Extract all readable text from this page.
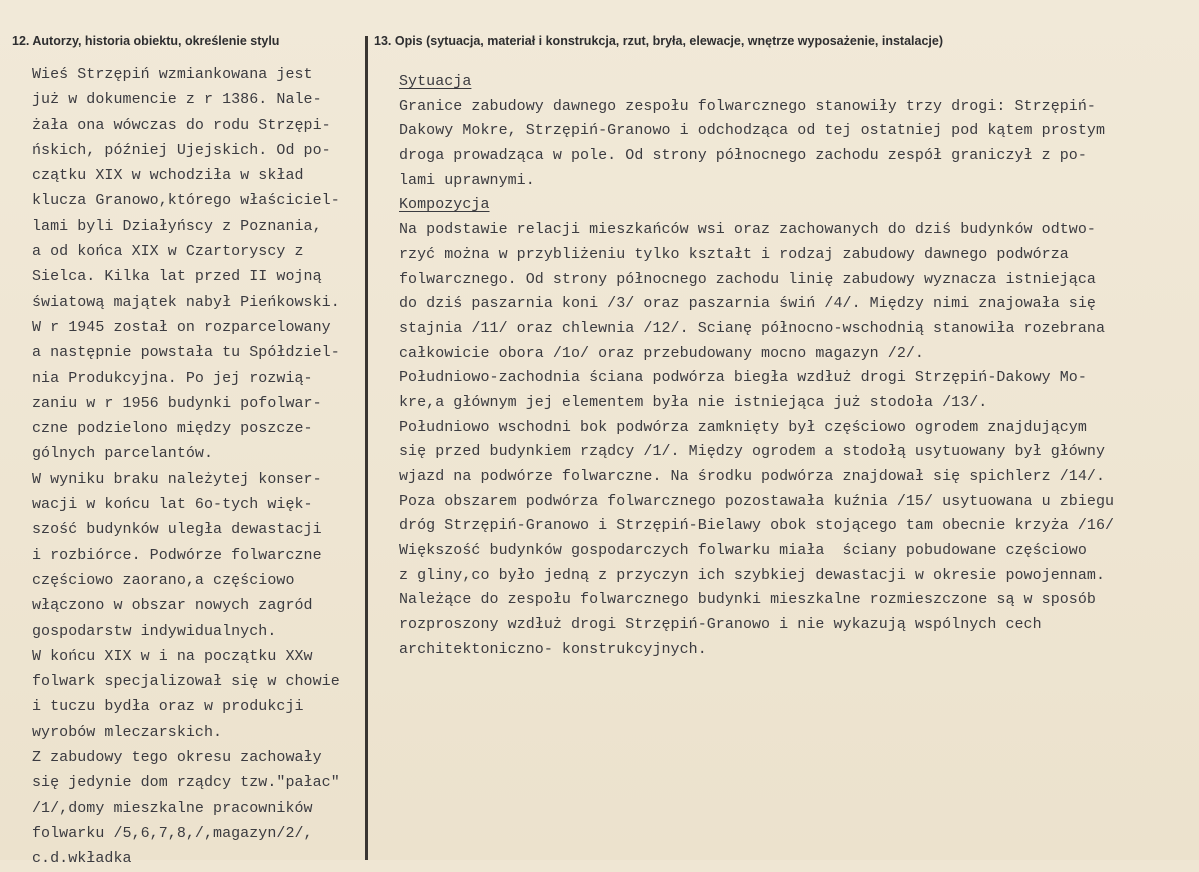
12. Autorzy, historia obiektu, określenie stylu	13. Opis (sytuacja, materiał i konstrukcja, rzut, bryła, elewacje, wnętrze wyposażenie, instalacje)
Wieś Strzępiń wzmiankowana jest
już w dokumencie z r 1386. Nale-
żała ona wówczas do rodu Strzępi-
ńskich, później Ujejskich. Od po-
czątku XIX w wchodziła w skład
klucza Granowo,którego właściciel-
lami byli Działyńscy z Poznania,
a od końca XIX w Czartoryscy z
Sielca. Kilka lat przed II wojną
światową majątek nabył Pieńkowski.
W r 1945 został on rozparcelowany
a następnie powstała tu Spółdziel-
nia Produkcyjna. Po jej rozwią-
zaniu w r 1956 budynki pofolwar-
czne podzielono między poszcze-
gólnych parcelantów.
W wyniku braku należytej konser-
wacji w końcu lat 6o-tych więk-
szość budynków uległa dewastacji
i rozbiórce. Podwórze folwarczne
częściowo zaorano,a częściowo
włączono w obszar nowych zagród
gospodarstw indywidualnych.
W końcu XIX w i na początku XXw
folwark specjalizował się w chowie
i tuczu bydła oraz w produkcji
wyrobów mleczarskich.
Z zabudowy tego okresu zachowały
się jedynie dom rządcy tzw."pałac"
/1/,domy mieszkalne pracowników
folwarku /5,6,7,8,/,magazyn/2/,
c.d.wkładka
Sytuacja
Granice zabudowy dawnego zespołu folwarcznego stanowiły trzy drogi: Strzępiń-
Dakowy Mokre, Strzępiń-Granowo i odchodząca od tej ostatniej pod kątem prostym
droga prowadząca w pole. Od strony północnego zachodu zespół graniczył z po-
lami uprawnymi.
Kompozycja
Na podstawie relacji mieszkańców wsi oraz zachowanych do dziś budynków odtwo-
rzyć można w przybliżeniu tylko kształt i rodzaj zabudowy dawnego podwórza
folwarcznego. Od strony północnego zachodu linię zabudowy wyznacza istniejąca
do dziś paszarnia koni /3/ oraz paszarnia świń /4/. Między nimi znajowała się
stajnia /11/ oraz chlewnia /12/. Scianę północno-wschodnią stanowiła rozebrana
całkowicie obora /1o/ oraz przebudowany mocno magazyn /2/.
Południowo-zachodnia ściana podwórza biegła wzdłuż drogi Strzępiń-Dakowy Mo-
kre,a głównym jej elementem była nie istniejąca już stodoła /13/.
Południowo wschodni bok podwórza zamknięty był częściowo ogrodem znajdującym
się przed budynkiem rządcy /1/. Między ogrodem a stodołą usytuowany był główny
wjazd na podwórze folwarczne. Na środku podwórza znajdował się spichlerz /14/.
Poza obszarem podwórza folwarcznego pozostawała kuźnia /15/ usytuowana u zbiegu
dróg Strzępiń-Granowo i Strzępiń-Bielawy obok stojącego tam obecnie krzyża /16/
Większość budynków gospodarczych folwarku miała  ściany pobudowane częściowo
z gliny,co było jedną z przyczyn ich szybkiej dewastacji w okresie powojennam.
Należące do zespołu folwarcznego budynki mieszkalne rozmieszczone są w sposób
rozproszony wzdłuż drogi Strzępiń-Granowo i nie wykazują wspólnych cech
architektoniczno- konstrukcyjnych.
